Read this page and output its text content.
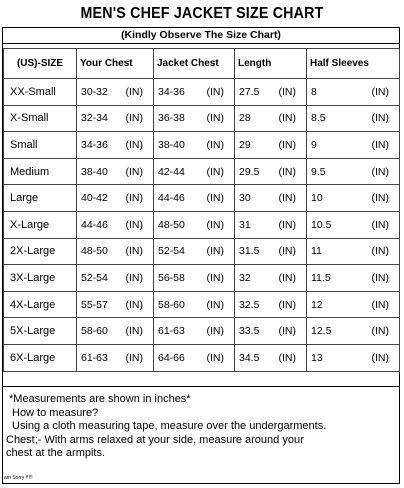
MEN'S CHEF JACKET SIZE CHART
(Kindly Observe The Size Chart)
(US)-SIZE	Your Chest	Jacket Chest	Length	Half Sleeves
XX-Small	30-32 (IN)	34-36 (IN)	27.5 (IN)	8 (IN)

X-Small	32-34 (IN)	36-38 (IN)	28 (IN)	8.5 (IN)

Small	34-36 (IN)	38-40 (IN)	29 (IN)	9 (IN)

Medium	38-40 (IN)	42-44 (IN)	29.5 (IN)	9.5 (IN)

Large	40-42 (IN)	44-46 (IN)	30 (IN)	10 (IN)

X-Large	44-46 (IN)	48-50 (IN)	31 (IN)	10.5 (IN)

2X-Large	48-50 (IN)	52-54 (IN)	31.5 (IN)	11 (IN)

3X-Large	52-54 (IN)	56-58 (IN)	32 (IN)	11.5 (IN)

4X-Large	55-57 (IN)	58-60 (IN)	32.5 (IN)	12 (IN)

5X-Large	58-60 (IN)	61-63 (IN)	33.5 (IN)	12.5 (IN)

6X-Large	61-63 (IN)	64-66 (IN)	34.5 (IN)	13 (IN)
*Measurements are shown in inches*
How to measure?
Using a cloth measuring tape, measure over the undergarments.
Chest;- With arms relaxed at your side, measure around your
chest at the armpits.
am Sorry !!!!!
